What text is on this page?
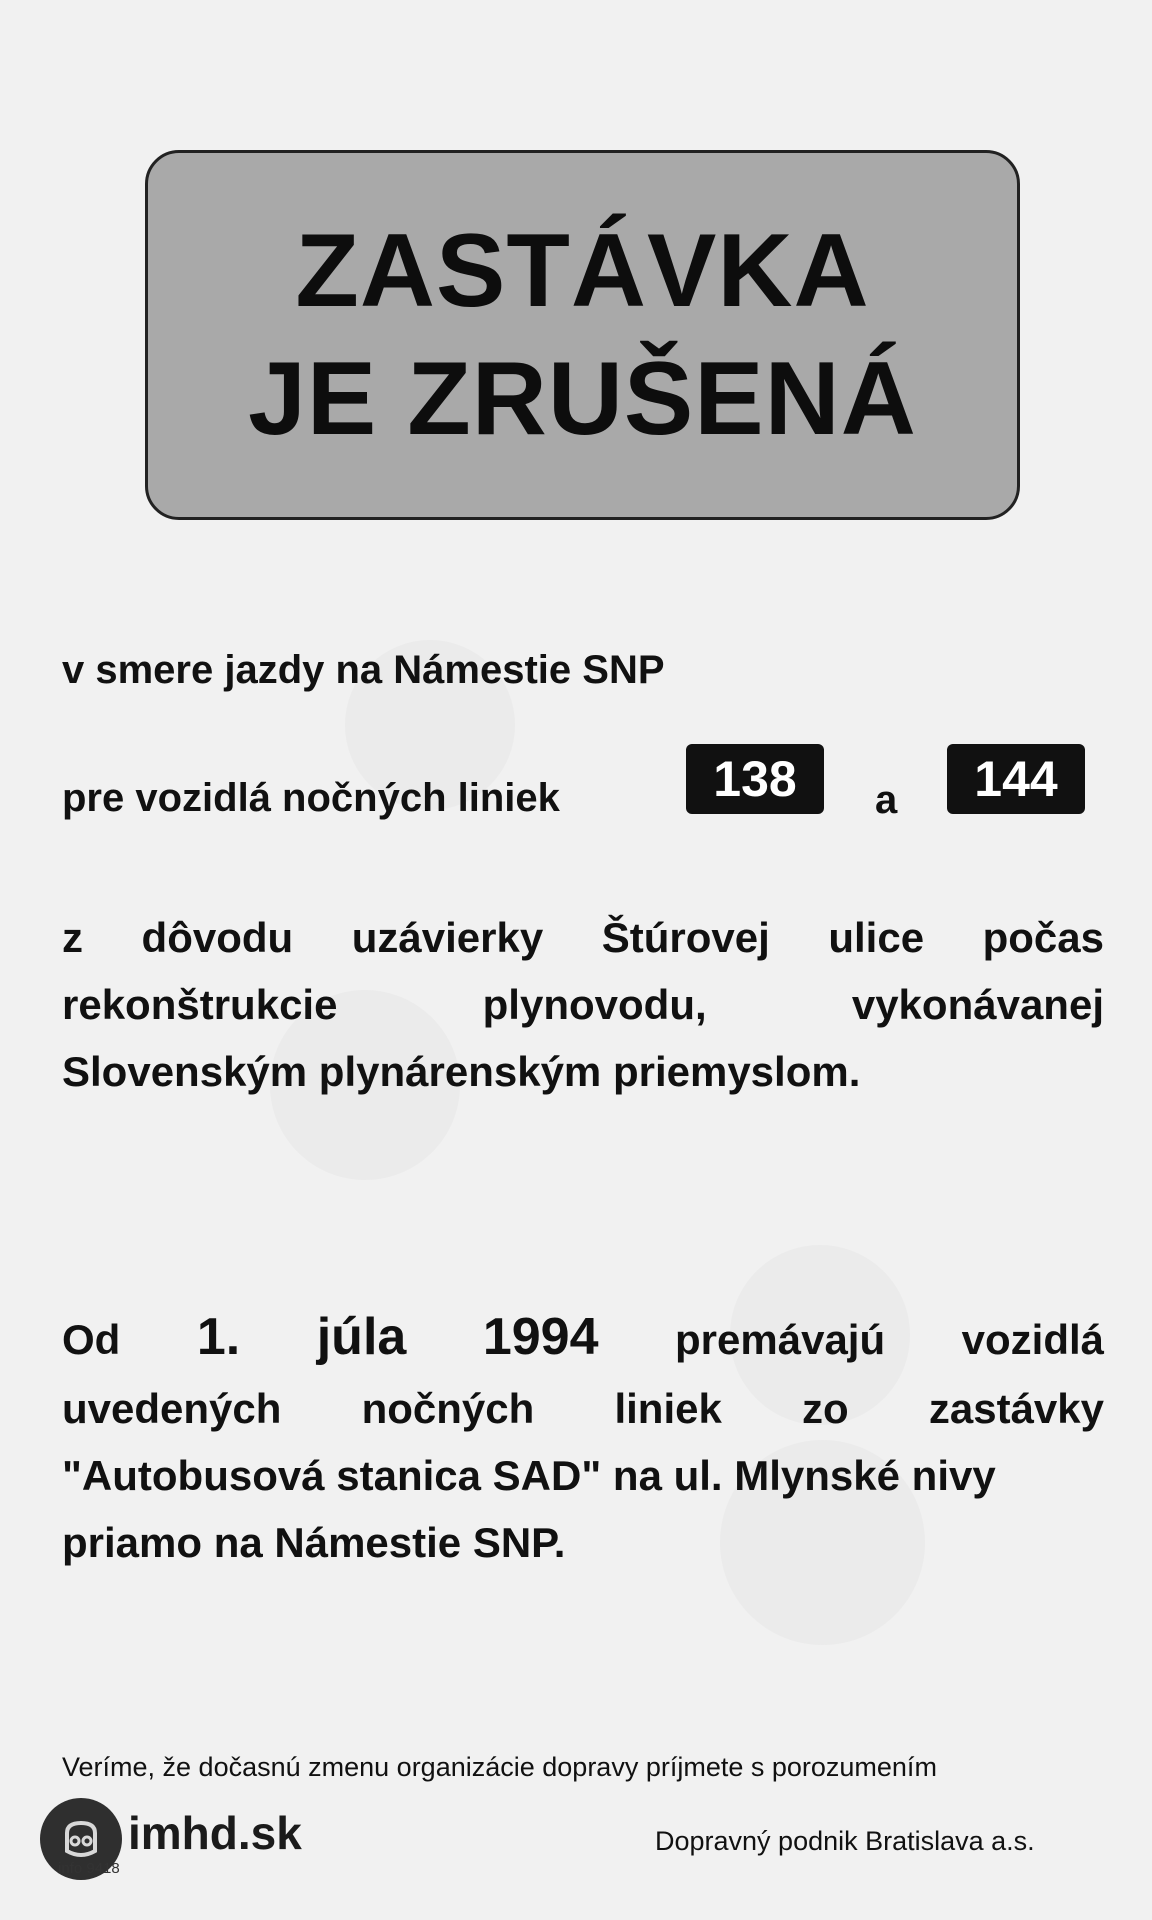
ZASTÁVKA
JE ZRUŠENÁ
v smere jazdy na Námestie SNP
pre vozidlá nočných liniek	138	a	144
z dôvodu uzávierky Štúrovej ulice počas
rekonštrukcie	plynovodu,	vykonávanej
Slovenským plynárenským priemyslom.
Od 1. júla 1994 premávajú vozidlá
uvedených nočných liniek zo zastávky
"Autobusová stanica SAD" na ul. Mlynské nivy
priamo na Námestie SNP.
Veríme, že dočasnú zmenu organizácie dopravy príjmete s porozumením
Dopravný podnik Bratislava a.s.
imhd.sk
info 9418
